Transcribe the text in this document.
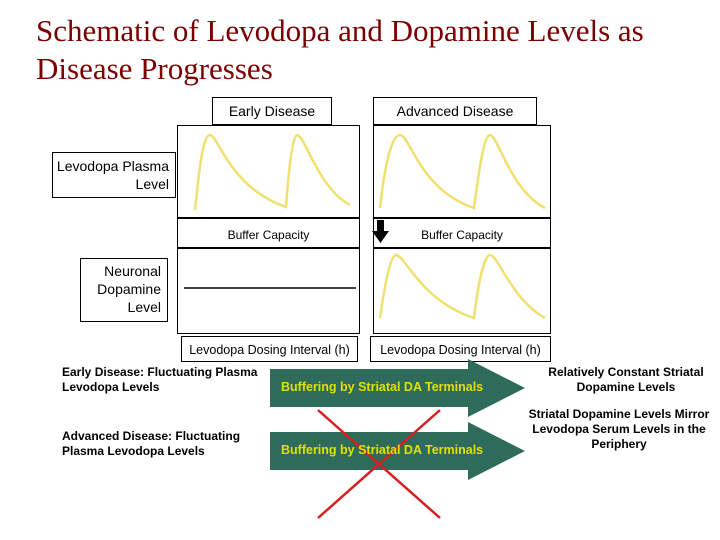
Schematic of Levodopa and Dopamine Levels as Disease Progresses
Early Disease	Advanced Disease
Levodopa Plasma Level
Neuronal Dopamine Level
Buffer Capacity	Buffer Capacity
Levodopa Dosing Interval (h)	Levodopa Dosing Interval (h)
Buffering by Striatal DA Terminals
Buffering by Striatal DA Terminals
Early Disease: Fluctuating Plasma Levodopa Levels
Advanced Disease: Fluctuating Plasma Levodopa Levels
Relatively Constant Striatal Dopamine Levels
Striatal Dopamine Levels Mirror Levodopa Serum Levels in the Periphery
